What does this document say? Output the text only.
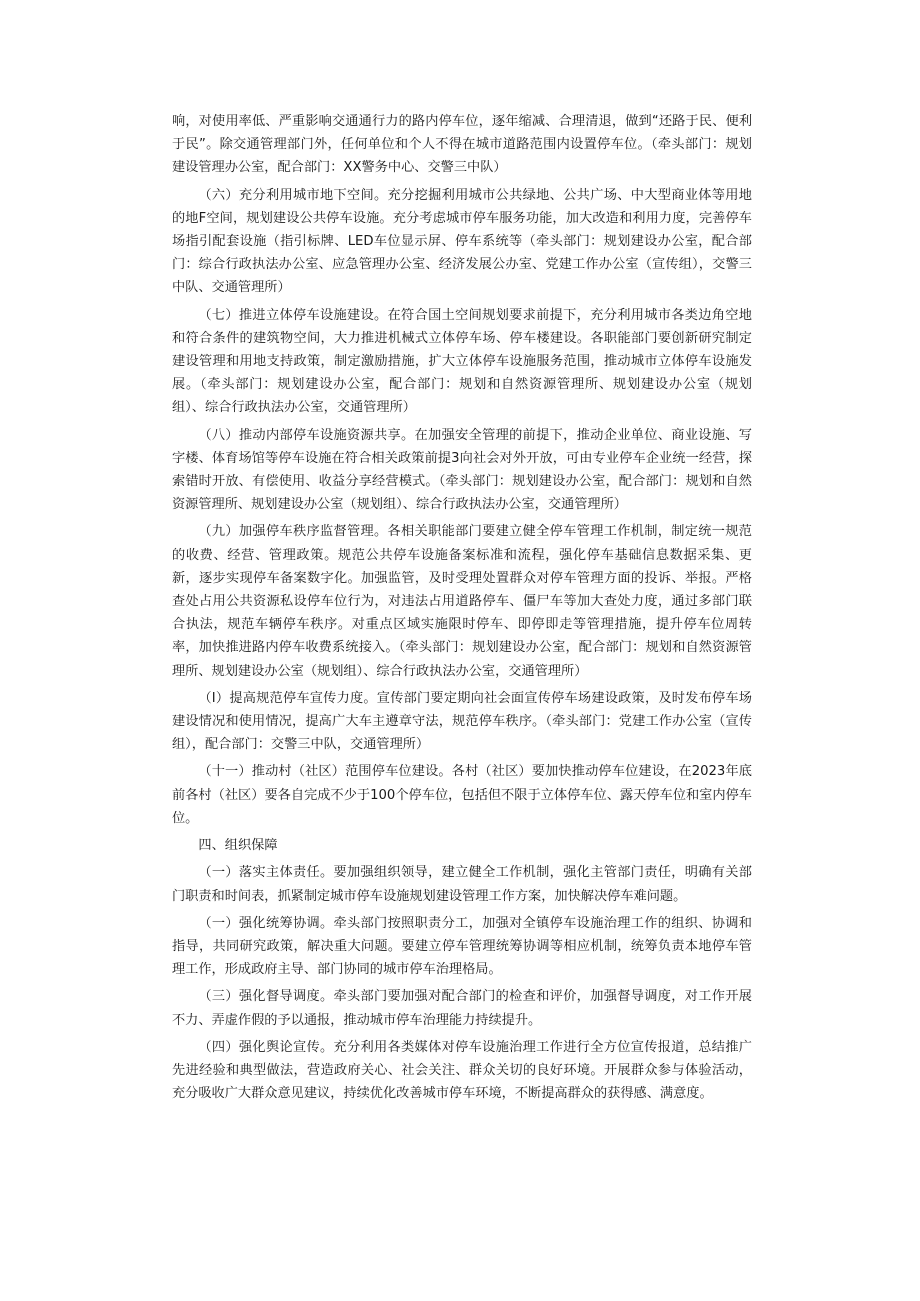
响，对使用率低、严重影响交通通行力的路内停车位，逐年缩减、合理清退，做到“还路于民、便利于民”。除交通管理部门外，任何单位和个人不得在城市道路范围内设置停车位。（牵头部门：规划建设管理办公室，配合部门：XX警务中心、交警三中队）

（六）充分利用城市地下空间。充分挖掘利用城市公共绿地、公共广场、中大型商业体等用地的地F空间，规划建设公共停车设施。充分考虑城市停车服务功能，加大改造和利用力度，完善停车场指引配套设施（指引标牌、LED车位显示屏、停车系统等（牵头部门：规划建设办公室，配合部门：综合行政执法办公室、应急管理办公室、经济发展公办室、党建工作办公室（宣传组），交警三中队、交通管理所）

（七）推进立体停车设施建设。在符合国土空间规划要求前提下，充分利用城市各类边角空地和符合条件的建筑物空间，大力推进机械式立体停车场、停车楼建设。各职能部门要创新研究制定建设管理和用地支持政策，制定激励措施，扩大立体停车设施服务范围，推动城市立体停车设施发展。（牵头部门：规划建设办公室，配合部门：规划和自然资源管理所、规划建设办公室（规划组）、综合行政执法办公室，交通管理所）

（八）推动内部停车设施资源共享。在加强安全管理的前提下，推动企业单位、商业设施、写字楼、体育场馆等停车设施在符合相关政策前提3向社会对外开放，可由专业停车企业统一经营，探索错时开放、有偿使用、收益分享经营模式。（牵头部门：规划建设办公室，配合部门：规划和自然资源管理所、规划建设办公室（规划组）、综合行政执法办公室，交通管理所）

（九）加强停车秩序监督管理。各相关职能部门要建立健全停车管理工作机制，制定统一规范的收费、经营、管理政策。规范公共停车设施备案标准和流程，强化停车基础信息数据采集、更新，逐步实现停车备案数字化。加强监管，及时受理处置群众对停车管理方面的投诉、举报。严格查处占用公共资源私设停车位行为，对违法占用道路停车、僵尸车等加大查处力度，通过多部门联合执法，规范车辆停车秩序。对重点区域实施限时停车、即停即走等管理措施，提升停车位周转率，加快推进路内停车收费系统接入。（牵头部门：规划建设办公室，配合部门：规划和自然资源管理所、规划建设办公室（规划组）、综合行政执法办公室，交通管理所）

（I）提高规范停车宣传力度。宣传部门要定期向社会面宣传停车场建设政策，及时发布停车场建设情况和使用情况，提高广大车主遵章守法，规范停车秩序。（牵头部门：党建工作办公室（宣传组），配合部门：交警三中队，交通管理所）

（十一）推动村（社区）范围停车位建设。各村（社区）要加快推动停车位建设，在2023年底前各村（社区）要各自完成不少于100个停车位，包括但不限于立体停车位、露天停车位和室内停车位。

四、组织保障

（一）落实主体责任。要加强组织领导，建立健全工作机制，强化主管部门责任，明确有关部门职责和时间表，抓紧制定城市停车设施规划建设管理工作方案，加快解决停车难问题。

（一）强化统筹协调。牵头部门按照职责分工，加强对全镇停车设施治理工作的组织、协调和指导，共同研究政策，解决重大问题。要建立停车管理统筹协调等相应机制，统筹负责本地停车管理工作，形成政府主导、部门协同的城市停车治理格局。

（三）强化督导调度。牵头部门要加强对配合部门的检查和评价，加强督导调度，对工作开展不力、弄虚作假的予以通报，推动城市停车治理能力持续提升。

（四）强化舆论宣传。充分利用各类媒体对停车设施治理工作进行全方位宣传报道，总结推广先进经验和典型做法，营造政府关心、社会关注、群众关切的良好环境。开展群众参与体验活动，充分吸收广大群众意见建议，持续优化改善城市停车环境，不断提高群众的获得感、满意度。
